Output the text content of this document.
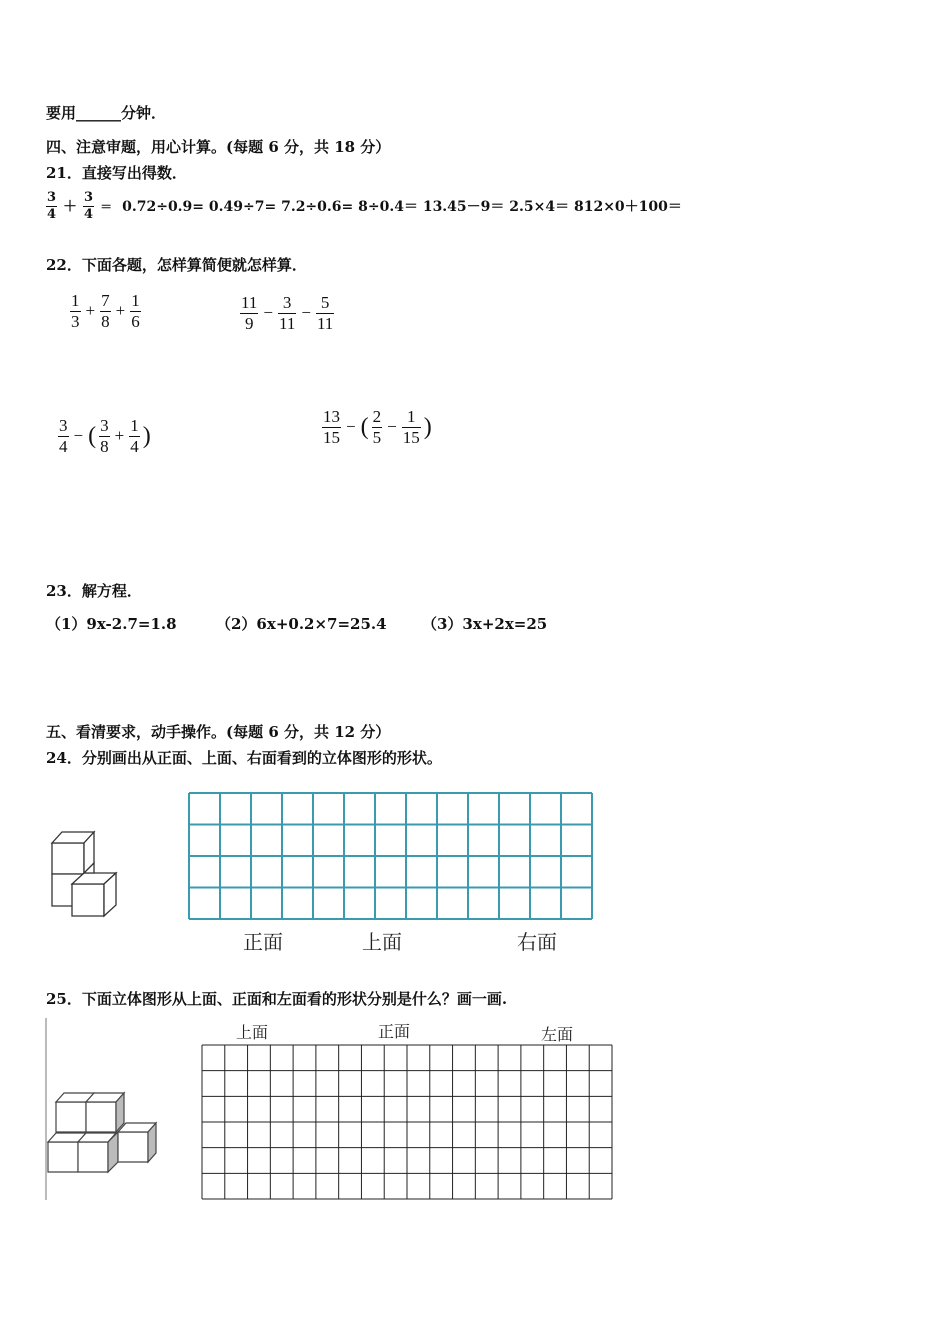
要用______分钟．
四、注意审题，用心计算。(每题 6 分，共 18 分）
21．直接写出得数．
$\frac{3}{4} + \frac{3}{4} = 0.72\div 0.9= 0.49\div 7= 7.2\div 0.6= 8\div 0.4= 13.45-9= 2.5\times 4= 812\times 0+100=$
22．下面各题，怎样算简便就怎样算．
$\frac{1}{3} + \frac{7}{8} + \frac{1}{6}$	$\frac{11}{9} - \frac{3}{11} - \frac{5}{11}$
$\frac{3}{4}$ − ( $\frac{3}{8} + \frac{1}{4}$ )	$\frac{13}{15}$ − ( $\frac{2}{5} - \frac{1}{15}$ )
23．解方程．
（1）9x-2.7=1.8	（2）6x+0.2×7=25.4 （3）3x+2x=25
五、看清要求，动手操作。(每题 6 分，共 12 分）
24．分别画出从正面、上面、右面看到的立体图形的形状。
正面	上面	右面
25．下面立体图形从上面、正面和左面看的形状分别是什么？画一画.
上面	正面	左面
